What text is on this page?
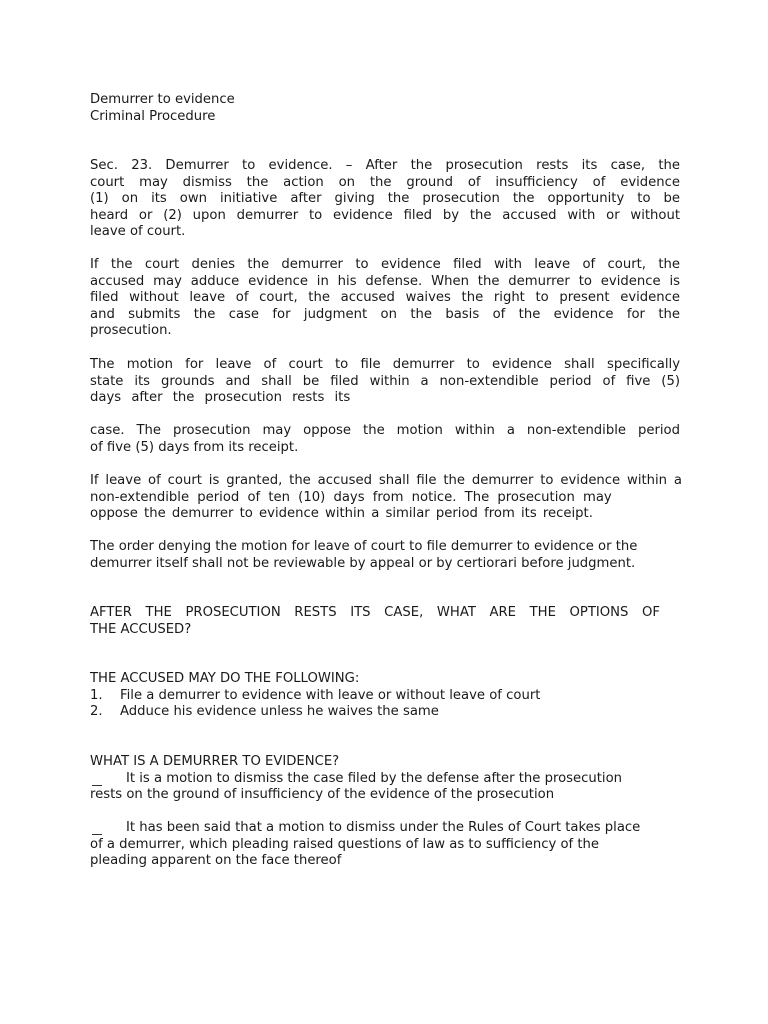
Demurrer to evidence
Criminal Procedure
Sec. 23. Demurrer to evidence. – After the prosecution rests its case, the
court may dismiss the action on the ground of insufficiency of evidence
(1) on its own initiative after giving the prosecution the opportunity to be
heard or (2) upon demurrer to evidence filed by the accused with or without
leave of court.
If the court denies the demurrer to evidence filed with leave of court, the
accused may adduce evidence in his defense. When the demurrer to evidence is
filed without leave of court, the accused waives the right to present evidence
and submits the case for judgment on the basis of the evidence for the
prosecution.
The motion for leave of court to file demurrer to evidence shall specifically
state its grounds and shall be filed within a non-extendible period of five (5)
days after the prosecution rests its
case. The prosecution may oppose the motion within a non-extendible period
of five (5) days from its receipt.
If leave of court is granted, the accused shall file the demurrer to evidence within a
non-extendible period of ten (10) days from notice. The prosecution may
oppose the demurrer to evidence within a similar period from its receipt.
The order denying the motion for leave of court to file demurrer to evidence or the
demurrer itself shall not be reviewable by appeal or by certiorari before judgment.
AFTER THE PROSECUTION RESTS ITS CASE, WHAT ARE THE OPTIONS OF
THE ACCUSED?
THE ACCUSED MAY DO THE FOLLOWING:
1. File a demurrer to evidence with leave or without leave of court
2. Adduce his evidence unless he waives the same
WHAT IS A DEMURRER TO EVIDENCE?
It is a motion to dismiss the case filed by the defense after the prosecution
rests on the ground of insufficiency of the evidence of the prosecution
It has been said that a motion to dismiss under the Rules of Court takes place
of a demurrer, which pleading raised questions of law as to sufficiency of the
pleading apparent on the face thereof
